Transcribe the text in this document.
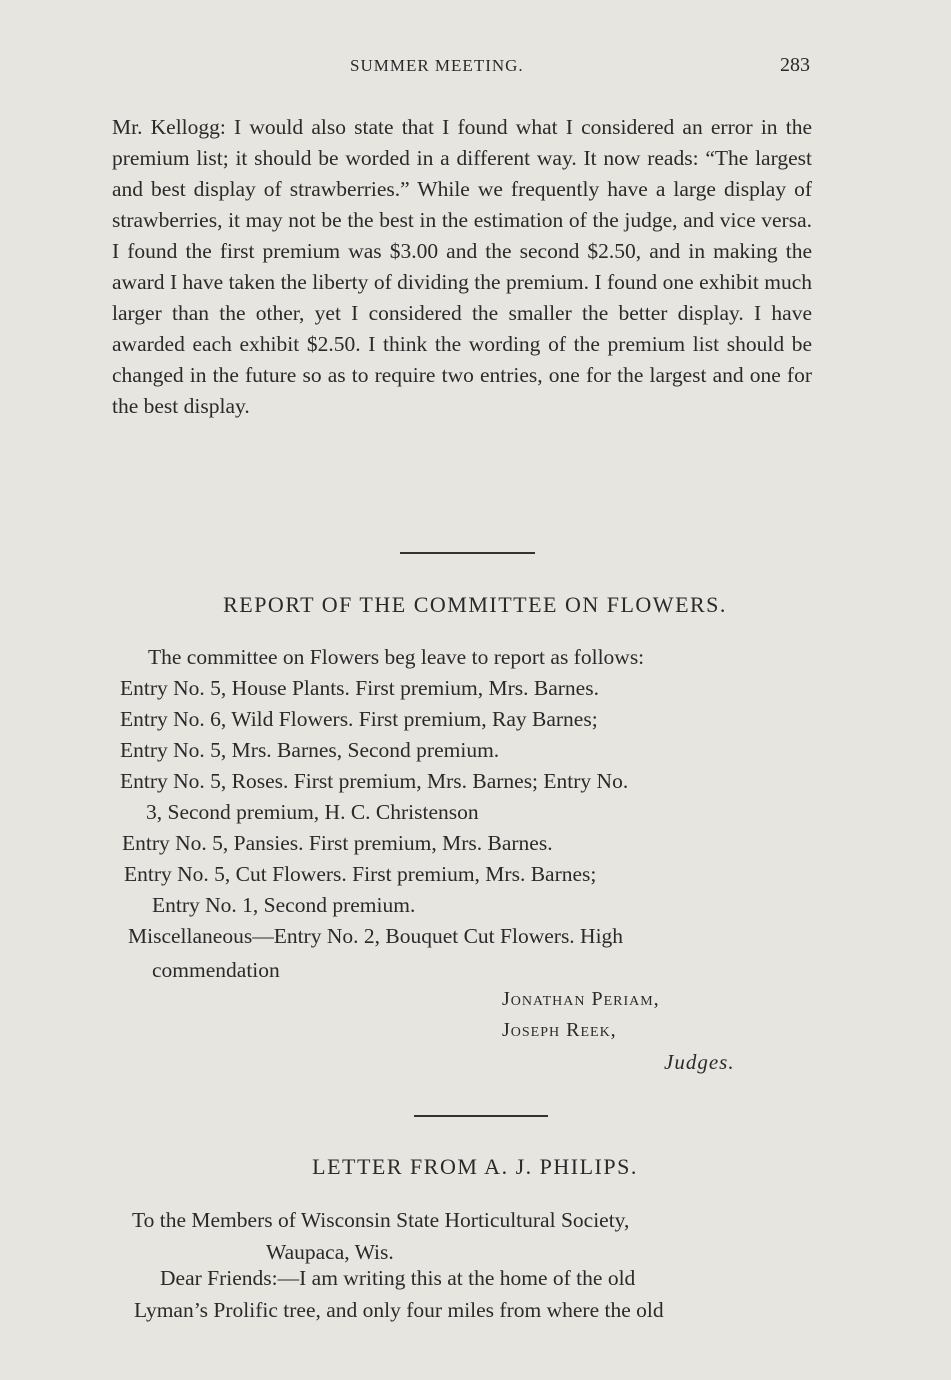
SUMMER MEETING.	283

Mr. Kellogg: I would also state that I found what I considered an error in the premium list; it should be worded in a different way. It now reads: “The largest and best display of strawberries.” While we frequently have a large display of strawberries, it may not be the best in the estimation of the judge, and vice versa. I found the first premium was $3.00 and the second $2.50, and in making the award I have taken the liberty of dividing the premium. I found one exhibit much larger than the other, yet I considered the smaller the better display. I have awarded each exhibit $2.50. I think the wording of the premium list should be changed in the future so as to require two entries, one for the largest and one for the best display.

REPORT OF THE COMMITTEE ON FLOWERS.

The committee on Flowers beg leave to report as follows:

Entry No. 5, House Plants. First premium, Mrs. Barnes.

Entry No. 6, Wild Flowers. First premium, Ray Barnes;

Entry No. 5, Mrs. Barnes, Second premium.

Entry No. 5, Roses. First premium, Mrs. Barnes; Entry No.

3, Second premium, H. C. Christenson

Entry No. 5, Pansies. First premium, Mrs. Barnes.

Entry No. 5, Cut Flowers. First premium, Mrs. Barnes;

Entry No. 1, Second premium.

Miscellaneous—Entry No. 2, Bouquet Cut Flowers. High

commendation

Jonathan Periam,
Joseph Reek,
Judges.
LETTER FROM A. J. PHILIPS.

To the Members of Wisconsin State Horticultural Society,

Waupaca, Wis.

Dear Friends:—I am writing this at the home of the old

Lyman’s Prolific tree, and only four miles from where the old
